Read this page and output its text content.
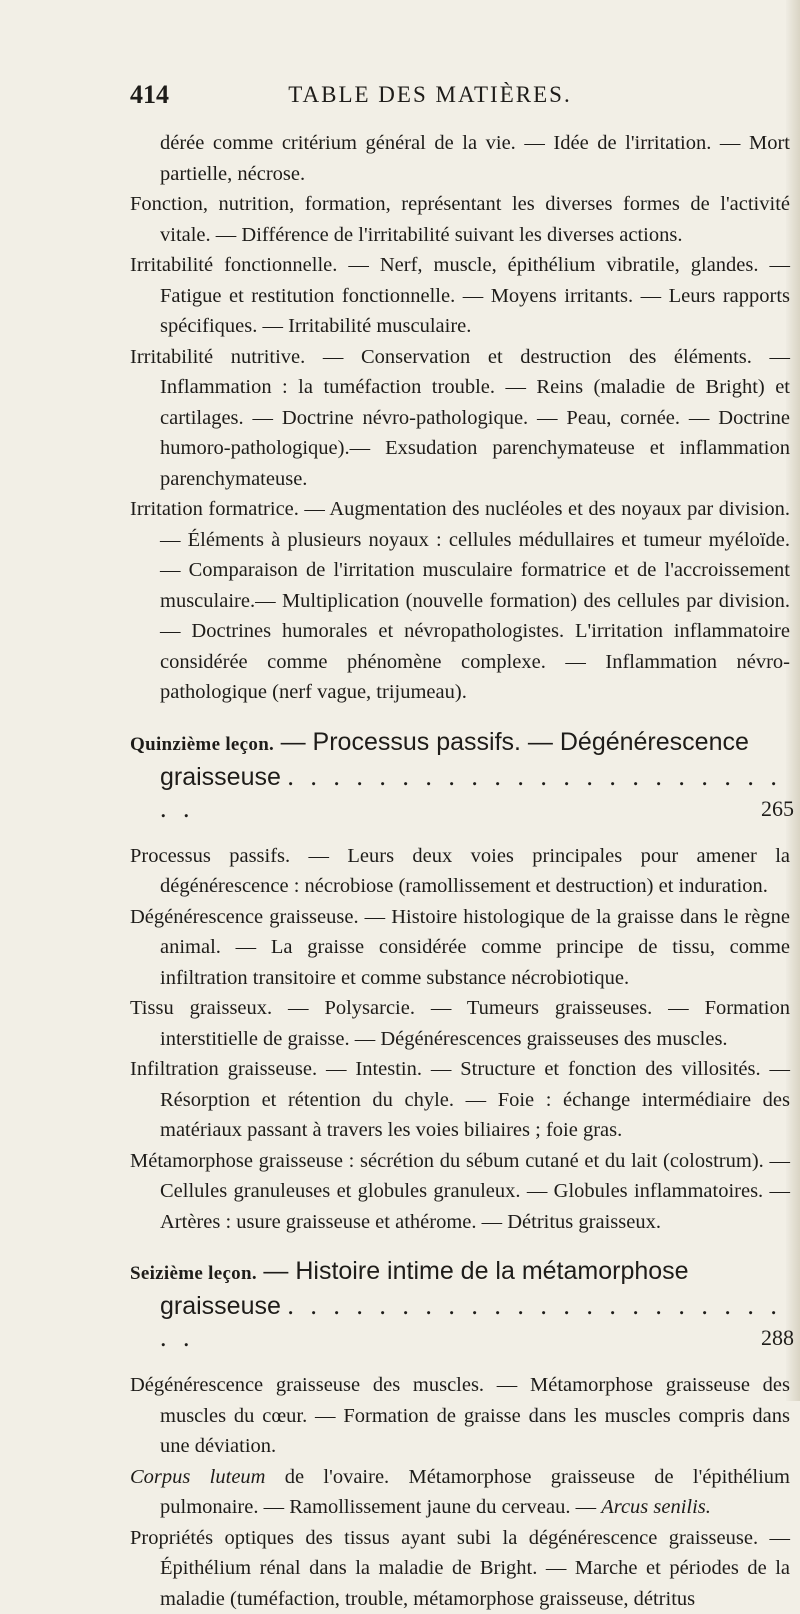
414	TABLE DES MATIÈRES.

dérée comme critérium général de la vie. — Idée de l'irritation. — Mort partielle, nécrose.

Fonction, nutrition, formation, représentant les diverses formes de l'activité vitale. — Différence de l'irritabilité suivant les diverses actions.

Irritabilité fonctionnelle. — Nerf, muscle, épithélium vibratile, glandes. — Fatigue et restitution fonctionnelle. — Moyens irritants. — Leurs rapports spécifiques. — Irritabilité musculaire.

Irritabilité nutritive. — Conservation et destruction des éléments. — Inflammation : la tuméfaction trouble. — Reins (maladie de Bright) et cartilages. — Doctrine névro-pathologique. — Peau, cornée. — Doctrine humoro-pathologique).— Exsudation parenchymateuse et inflammation parenchymateuse.

Irritation formatrice. — Augmentation des nucléoles et des noyaux par division. — Éléments à plusieurs noyaux : cellules médullaires et tumeur myéloïde. — Comparaison de l'irritation musculaire formatrice et de l'accroissement musculaire.— Multiplication (nouvelle formation) des cellules par division.— Doctrines humorales et névropathologistes. L'irritation inflammatoire considérée comme phénomène complexe. — Inflammation névro-pathologique (nerf vague, trijumeau).

Quinzième leçon. — Processus passifs. — Dégénérescence graisseuse . . . . . . . . . . . . . . . . . . . . . . . .	265

Processus passifs. — Leurs deux voies principales pour amener la dégénérescence : nécrobiose (ramollissement et destruction) et induration.

Dégénérescence graisseuse. — Histoire histologique de la graisse dans le règne animal. — La graisse considérée comme principe de tissu, comme infiltration transitoire et comme substance nécrobiotique.

Tissu graisseux. — Polysarcie. — Tumeurs graisseuses. — Formation interstitielle de graisse. — Dégénérescences graisseuses des muscles.

Infiltration graisseuse. — Intestin. — Structure et fonction des villosités. — Résorption et rétention du chyle. — Foie : échange intermédiaire des matériaux passant à travers les voies biliaires ; foie gras.

Métamorphose graisseuse : sécrétion du sébum cutané et du lait (colostrum). — Cellules granuleuses et globules granuleux. — Globules inflammatoires. — Artères : usure graisseuse et athérome. — Détritus graisseux.

Seizième leçon. — Histoire intime de la métamorphose graisseuse . . . . . . . . . . . . . . . . . . . . . . . .	288

Dégénérescence graisseuse des muscles. — Métamorphose graisseuse des muscles du cœur. — Formation de graisse dans les muscles compris dans une déviation.

Corpus luteum de l'ovaire. Métamorphose graisseuse de l'épithélium pulmonaire. — Ramollissement jaune du cerveau. — Arcus senilis.

Propriétés optiques des tissus ayant subi la dégénérescence graisseuse. — Épithélium rénal dans la maladie de Bright. — Marche et périodes de la maladie (tuméfaction, trouble, métamorphose graisseuse, détritus
